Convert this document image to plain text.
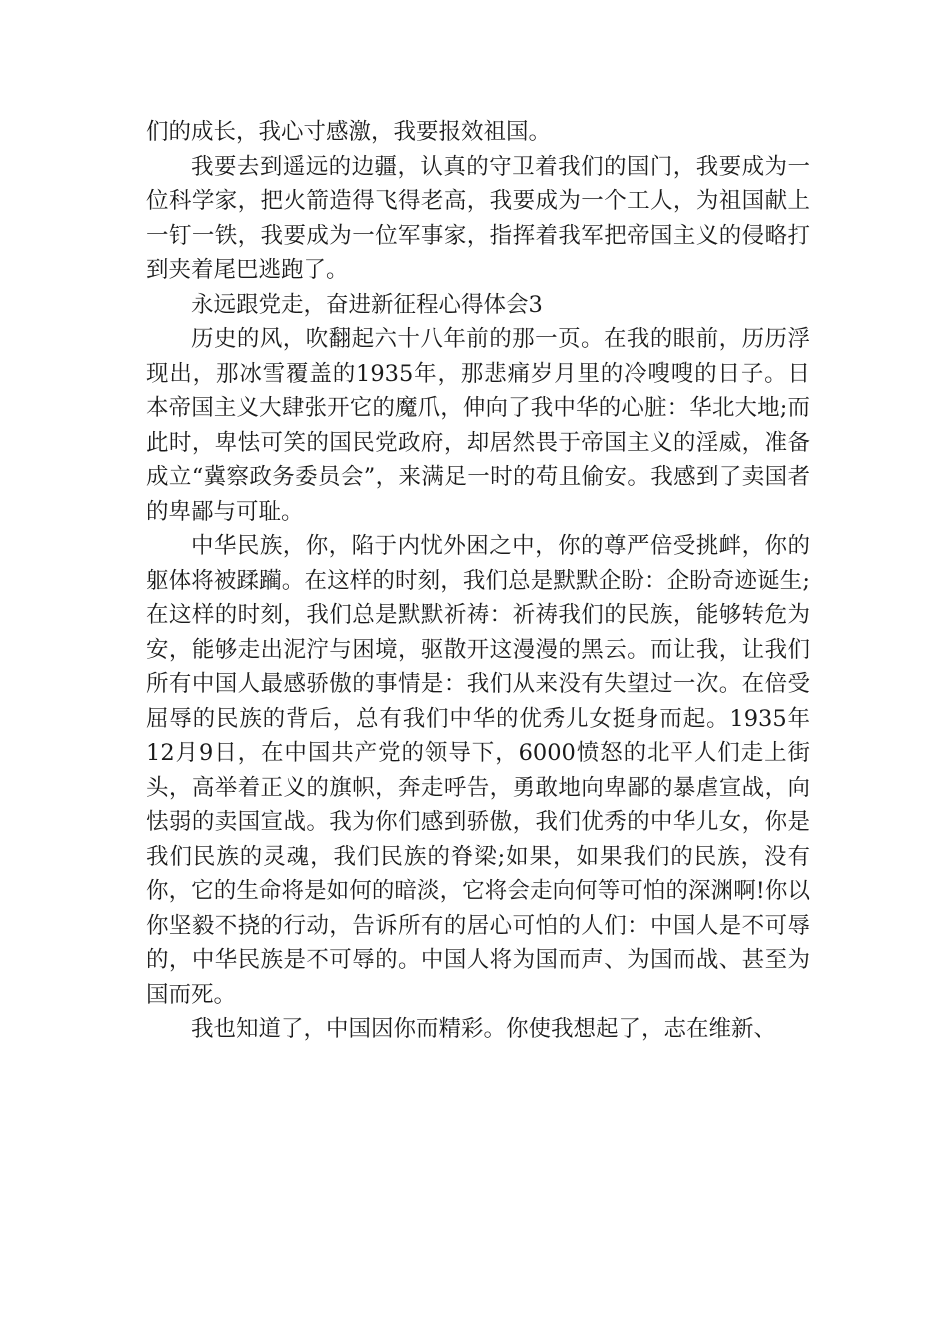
们的成长，我心寸感激，我要报效祖国。

我要去到遥远的边疆，认真的守卫着我们的国门，我要成为一位科学家，把火箭造得飞得老高，我要成为一个工人，为祖国献上一钉一铁，我要成为一位军事家，指挥着我军把帝国主义的侵略打到夹着尾巴逃跑了。

永远跟党走，奋进新征程心得体会3

历史的风，吹翻起六十八年前的那一页。在我的眼前，历历浮现出，那冰雪覆盖的1935年，那悲痛岁月里的冷嗖嗖的日子。日本帝国主义大肆张开它的魔爪，伸向了我中华的心脏：华北大地;而此时，卑怯可笑的国民党政府，却居然畏于帝国主义的淫威，准备成立“冀察政务委员会”，来满足一时的苟且偷安。我感到了卖国者的卑鄙与可耻。

中华民族，你，陷于内忧外困之中，你的尊严倍受挑衅，你的躯体将被蹂躏。在这样的时刻，我们总是默默企盼：企盼奇迹诞生;在这样的时刻，我们总是默默祈祷：祈祷我们的民族，能够转危为安，能够走出泥泞与困境，驱散开这漫漫的黑云。而让我，让我们所有中国人最感骄傲的事情是：我们从来没有失望过一次。在倍受屈辱的民族的背后，总有我们中华的优秀儿女挺身而起。1935年12月9日，在中国共产党的领导下，6000愤怒的北平人们走上街头，高举着正义的旗帜，奔走呼告，勇敢地向卑鄙的暴虐宣战，向怯弱的卖国宣战。我为你们感到骄傲，我们优秀的中华儿女，你是我们民族的灵魂，我们民族的脊梁;如果，如果我们的民族，没有你，它的生命将是如何的暗淡，它将会走向何等可怕的深渊啊!你以你坚毅不挠的行动，告诉所有的居心可怕的人们：中国人是不可辱的，中华民族是不可辱的。中国人将为国而声、为国而战、甚至为国而死。

我也知道了，中国因你而精彩。你使我想起了，志在维新、
